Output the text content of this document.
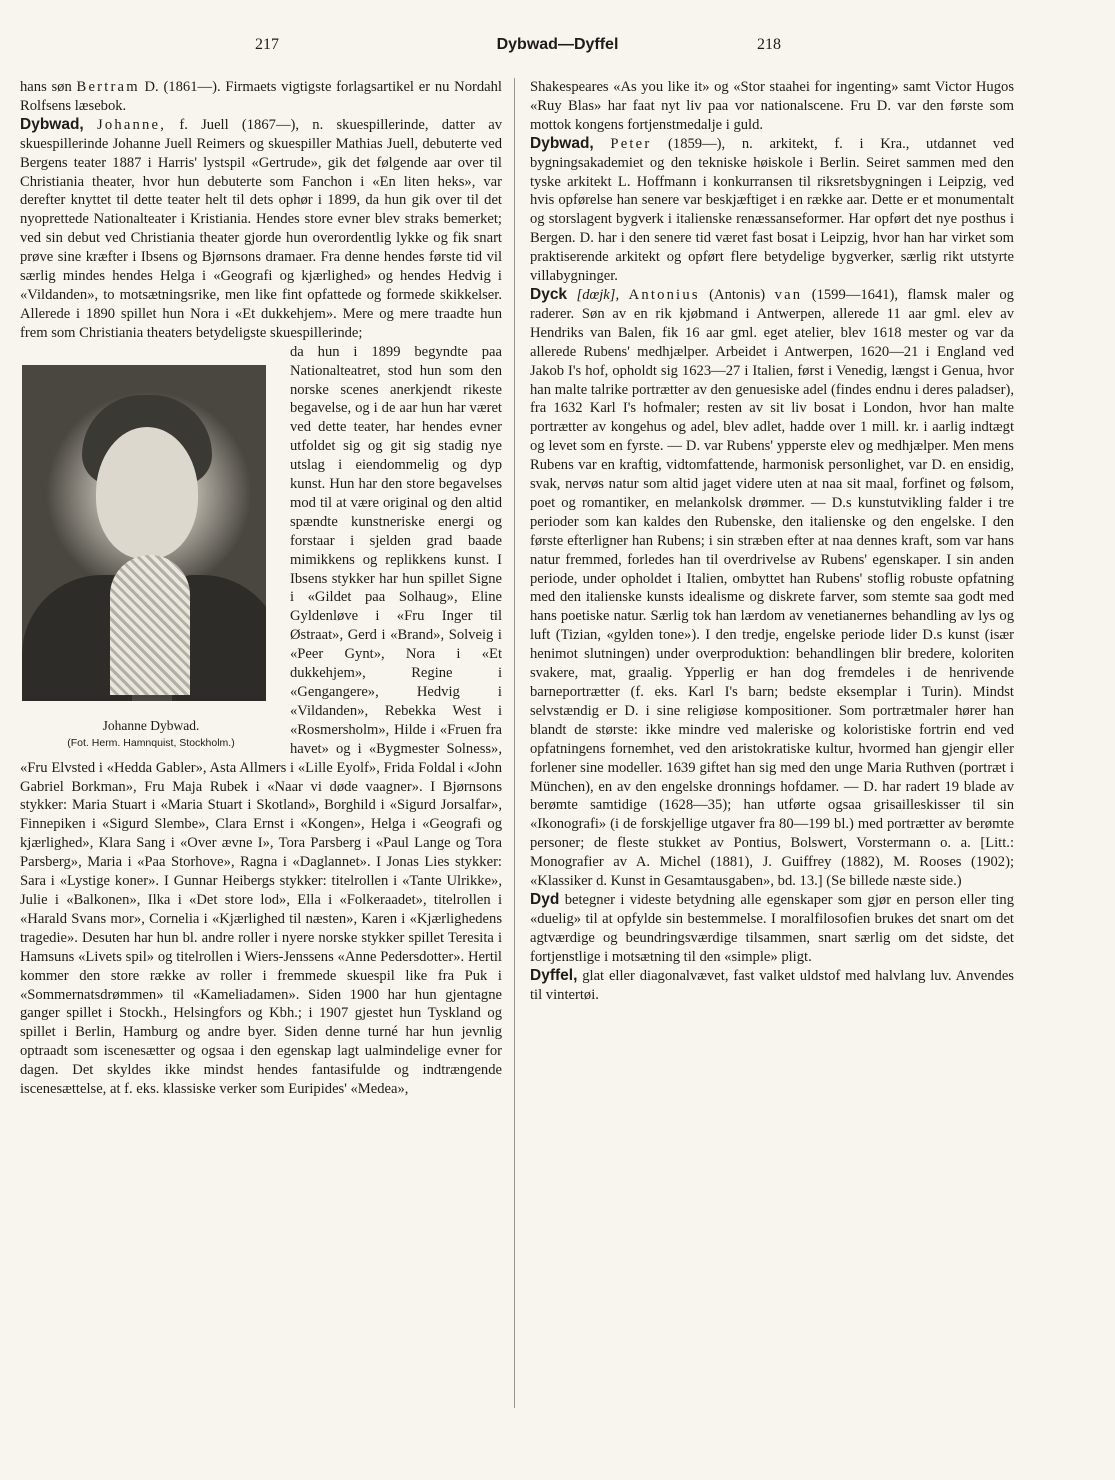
217	Dybwad—Dyffel	218

hans søn Bertram D. (1861—). Firmaets vigtigste forlagsartikel er nu Nordahl Rolfsens læsebok.

Dybwad, Johanne, f. Juell (1867—), n. skuespillerinde, datter av skuespillerinde Johanne Juell Reimers og skuespiller Mathias Juell, debuterte ved Bergens teater 1887 i Harris' lystspil «Gertrude», gik det følgende aar over til Christiania theater, hvor hun debuterte som Fanchon i «En liten heks», var derefter knyttet til dette teater helt til dets ophør i 1899, da hun gik over til det nyoprettede Nationalteater i Kristiania. Hendes store evner blev straks bemerket; ved sin debut ved Christiania theater gjorde hun overordentlig lykke og fik snart prøve sine kræfter i Ibsens og Bjørnsons dramaer. Fra denne hendes første tid vil særlig mindes hendes Helga i «Geografi og kjærlighed» og hendes Hedvig i «Vildanden», to motsætningsrike, men like fint opfattede og formede skikkelser. Allerede i 1890 spillet hun Nora i «Et dukkehjem». Mere og mere traadte hun frem som Christiania theaters betydeligste skuespillerinde;

Johanne Dybwad.
(Fot. Herm. Hamnquist, Stockholm.)

da hun i 1899 begyndte paa Nationalteatret, stod hun som den norske scenes anerkjendt rikeste begavelse, og i de aar hun har været ved dette teater, har hendes evner utfoldet sig og git sig stadig nye utslag i eiendommelig og dyp kunst. Hun har den store begavelses mod til at være original og den altid spændte kunstneriske energi og forstaar i sjelden grad baade mimikkens og replikkens kunst. I Ibsens stykker har hun spillet Signe i «Gildet paa Solhaug», Eline Gyldenløve i «Fru Inger til Østraat», Gerd i «Brand», Solveig i «Peer Gynt», Nora i «Et dukkehjem», Regine i «Gengangere», Hedvig i «Vildanden», Rebekka West i «Rosmersholm», Hilde i «Fruen fra havet» og i «Bygmester Solness», «Fru Elvsted i «Hedda Gabler», Asta Allmers i «Lille Eyolf», Frida Foldal i «John Gabriel Borkman», Fru Maja Rubek i «Naar vi døde vaagner». I Bjørnsons stykker: Maria Stuart i «Maria Stuart i Skotland», Borghild i «Sigurd Jorsalfar», Finnepiken i «Sigurd Slembe», Clara Ernst i «Kongen», Helga i «Geografi og kjærlighed», Klara Sang i «Over ævne I», Tora Parsberg i «Paul Lange og Tora Parsberg», Maria i «Paa Storhove», Ragna i «Daglannet». I Jonas Lies stykker: Sara i «Lystige koner». I Gunnar Heibergs stykker: titelrollen i «Tante Ulrikke», Julie i «Balkonen», Ilka i «Det store lod», Ella i «Folkeraadet», titelrollen i «Harald Svans mor», Cornelia i «Kjærlighed til næsten», Karen i «Kjærlighedens tragedie». Desuten har hun bl. andre roller i nyere norske stykker spillet Teresita i Hamsuns «Livets spil» og titelrollen i Wiers-Jenssens «Anne Pedersdotter». Hertil kommer den store række av roller i fremmede skuespil like fra Puk i «Sommernatsdrømmen» til «Kameliadamen». Siden 1900 har hun gjentagne ganger spillet i Stockh., Helsingfors og Kbh.; i 1907 gjestet hun Tyskland og spillet i Berlin, Hamburg og andre byer. Siden denne turné har hun jevnlig optraadt som iscenesætter og ogsaa i den egenskap lagt ualmindelige evner for dagen. Det skyldes ikke mindst hendes fantasifulde og indtrængende iscenesættelse, at f. eks. klassiske verker som Euripides' «Medea»,

Shakespeares «As you like it» og «Stor staahei for ingenting» samt Victor Hugos «Ruy Blas» har faat nyt liv paa vor nationalscene. Fru D. var den første som mottok kongens fortjenstmedalje i guld.

Dybwad, Peter (1859—), n. arkitekt, f. i Kra., utdannet ved bygningsakademiet og den tekniske høiskole i Berlin. Seiret sammen med den tyske arkitekt L. Hoffmann i konkurransen til riksretsbygningen i Leipzig, ved hvis opførelse han senere var beskjæftiget i en række aar. Dette er et monumentalt og storslagent bygverk i italienske renæssanseformer. Har opført det nye posthus i Bergen. D. har i den senere tid været fast bosat i Leipzig, hvor han har virket som praktiserende arkitekt og opført flere betydelige bygverker, særlig rikt utstyrte villabygninger.

Dyck [dœjk], Antonius (Antonis) van (1599—1641), flamsk maler og raderer. Søn av en rik kjøbmand i Antwerpen, allerede 11 aar gml. elev av Hendriks van Balen, fik 16 aar gml. eget atelier, blev 1618 mester og var da allerede Rubens' medhjælper. Arbeidet i Antwerpen, 1620—21 i England ved Jakob I's hof, opholdt sig 1623—27 i Italien, først i Venedig, længst i Genua, hvor han malte talrike portrætter av den genuesiske adel (findes endnu i deres paladser), fra 1632 Karl I's hofmaler; resten av sit liv bosat i London, hvor han malte portrætter av kongehus og adel, blev adlet, hadde over 1 mill. kr. i aarlig indtægt og levet som en fyrste. — D. var Rubens' ypperste elev og medhjælper. Men mens Rubens var en kraftig, vidtomfattende, harmonisk personlighet, var D. en ensidig, svak, nervøs natur som altid jaget videre uten at naa sit maal, forfinet og følsom, poet og romantiker, en melankolsk drømmer. — D.s kunstutvikling falder i tre perioder som kan kaldes den Rubenske, den italienske og den engelske. I den første efterligner han Rubens; i sin stræben efter at naa dennes kraft, som var hans natur fremmed, forledes han til overdrivelse av Rubens' egenskaper. I sin anden periode, under opholdet i Italien, ombyttet han Rubens' stoflig robuste opfatning med den italienske kunsts idealisme og diskrete farver, som stemte saa godt med hans poetiske natur. Særlig tok han lærdom av venetianernes behandling av lys og luft (Tizian, «gylden tone»). I den tredje, engelske periode lider D.s kunst (især henimot slutningen) under overproduktion: behandlingen blir bredere, koloriten svakere, mat, graalig. Ypperlig er han dog fremdeles i de henrivende barneportrætter (f. eks. Karl I's barn; bedste eksemplar i Turin). Mindst selvstændig er D. i sine religiøse kompositioner. Som portrætmaler hører han blandt de største: ikke mindre ved maleriske og koloristiske fortrin end ved opfatningens fornemhet, ved den aristokratiske kultur, hvormed han gjengir eller forlener sine modeller. 1639 giftet han sig med den unge Maria Ruthven (portræt i München), en av den engelske dronnings hofdamer. — D. har radert 19 blade av berømte samtidige (1628—35); han utførte ogsaa grisailleskisser til sin «Ikonografi» (i de forskjellige utgaver fra 80—199 bl.) med portrætter av berømte personer; de fleste stukket av Pontius, Bolswert, Vorstermann o. a. [Litt.: Monografier av A. Michel (1881), J. Guiffrey (1882), M. Rooses (1902); «Klassiker d. Kunst in Gesamtausgaben», bd. 13.] (Se billede næste side.)

Dyd betegner i videste betydning alle egenskaper som gjør en person eller ting «duelig» til at opfylde sin bestemmelse. I moralfilosofien brukes det snart om det agtværdige og beundringsværdige tilsammen, snart særlig om det sidste, det fortjenstlige i motsætning til den «simple» pligt.

Dyffel, glat eller diagonalvævet, fast valket uldstof med halvlang luv. Anvendes til vintertøi.
